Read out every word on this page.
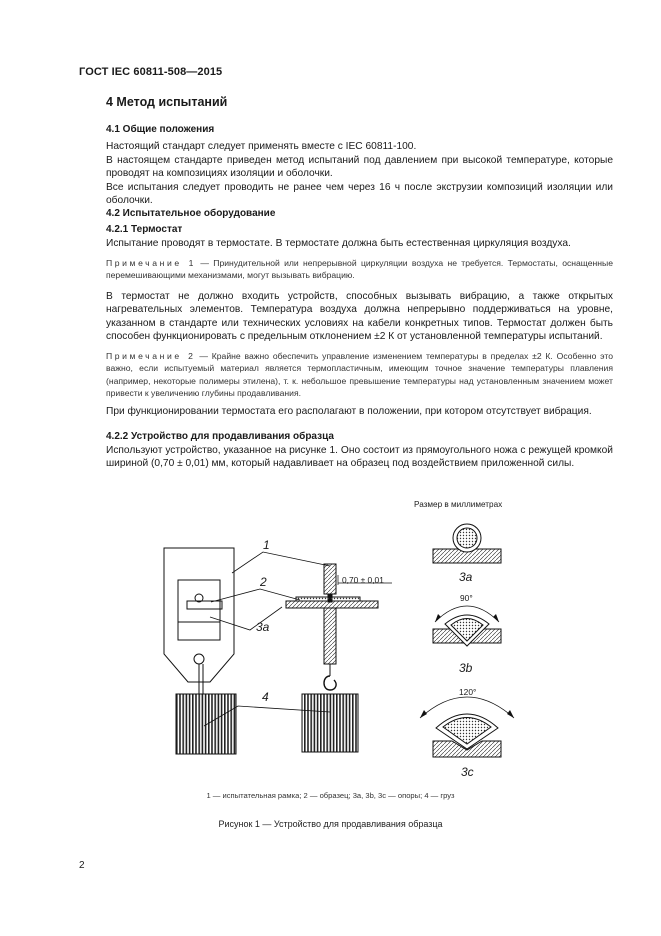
ГОСТ IEC 60811-508—2015
4 Метод испытаний
4.1 Общие положения
Настоящий стандарт следует применять вместе с IEC 60811-100.
В настоящем стандарте приведен метод испытаний под давлением при высокой температуре, которые проводят на композициях изоляции и оболочки.
Все испытания следует проводить не ранее чем через 16 ч после экструзии композиций изоляции или оболочки.
4.2 Испытательное оборудование
4.2.1 Термостат
Испытание проводят в термостате. В термостате должна быть естественная циркуляция воздуха.
Примечание 1 — Принудительной или непрерывной циркуляции воздуха не требуется. Термостаты, оснащенные перемешивающими механизмами, могут вызывать вибрацию.
В термостат не должно входить устройств, способных вызывать вибрацию, а также открытых нагревательных элементов. Температура воздуха должна непрерывно поддерживаться на уровне, указанном в стандарте или технических условиях на кабели конкретных типов. Термостат должен быть способен функционировать с предельным отклонением ±2 К от установленной температуры испытаний.
Примечание 2 — Крайне важно обеспечить управление изменением температуры в пределах ±2 К. Особенно это важно, если испытуемый материал является термопластичным, имеющим точное значение температуры плавления (например, некоторые полимеры этилена), т. к. небольшое превышение температуры над установленным значением может привести к увеличению глубины продавливания.
При функционировании термостата его располагают в положении, при котором отсутствует вибрация.
4.2.2 Устройство для продавливания образца
Используют устройство, указанное на рисунке 1. Оно состоит из прямоугольного ножа с режущей кромкой шириной (0,70 ± 0,01) мм, который надавливает на образец под воздействием приложенной силы.
Размер в миллиметрах
1
2
3a
4
0,70 ± 0,01	3a
3b
3c
90°
120°
1 — испытательная рамка; 2 — образец; 3a, 3b, 3c — опоры; 4 — груз
Рисунок 1 — Устройство для продавливания образца
2
